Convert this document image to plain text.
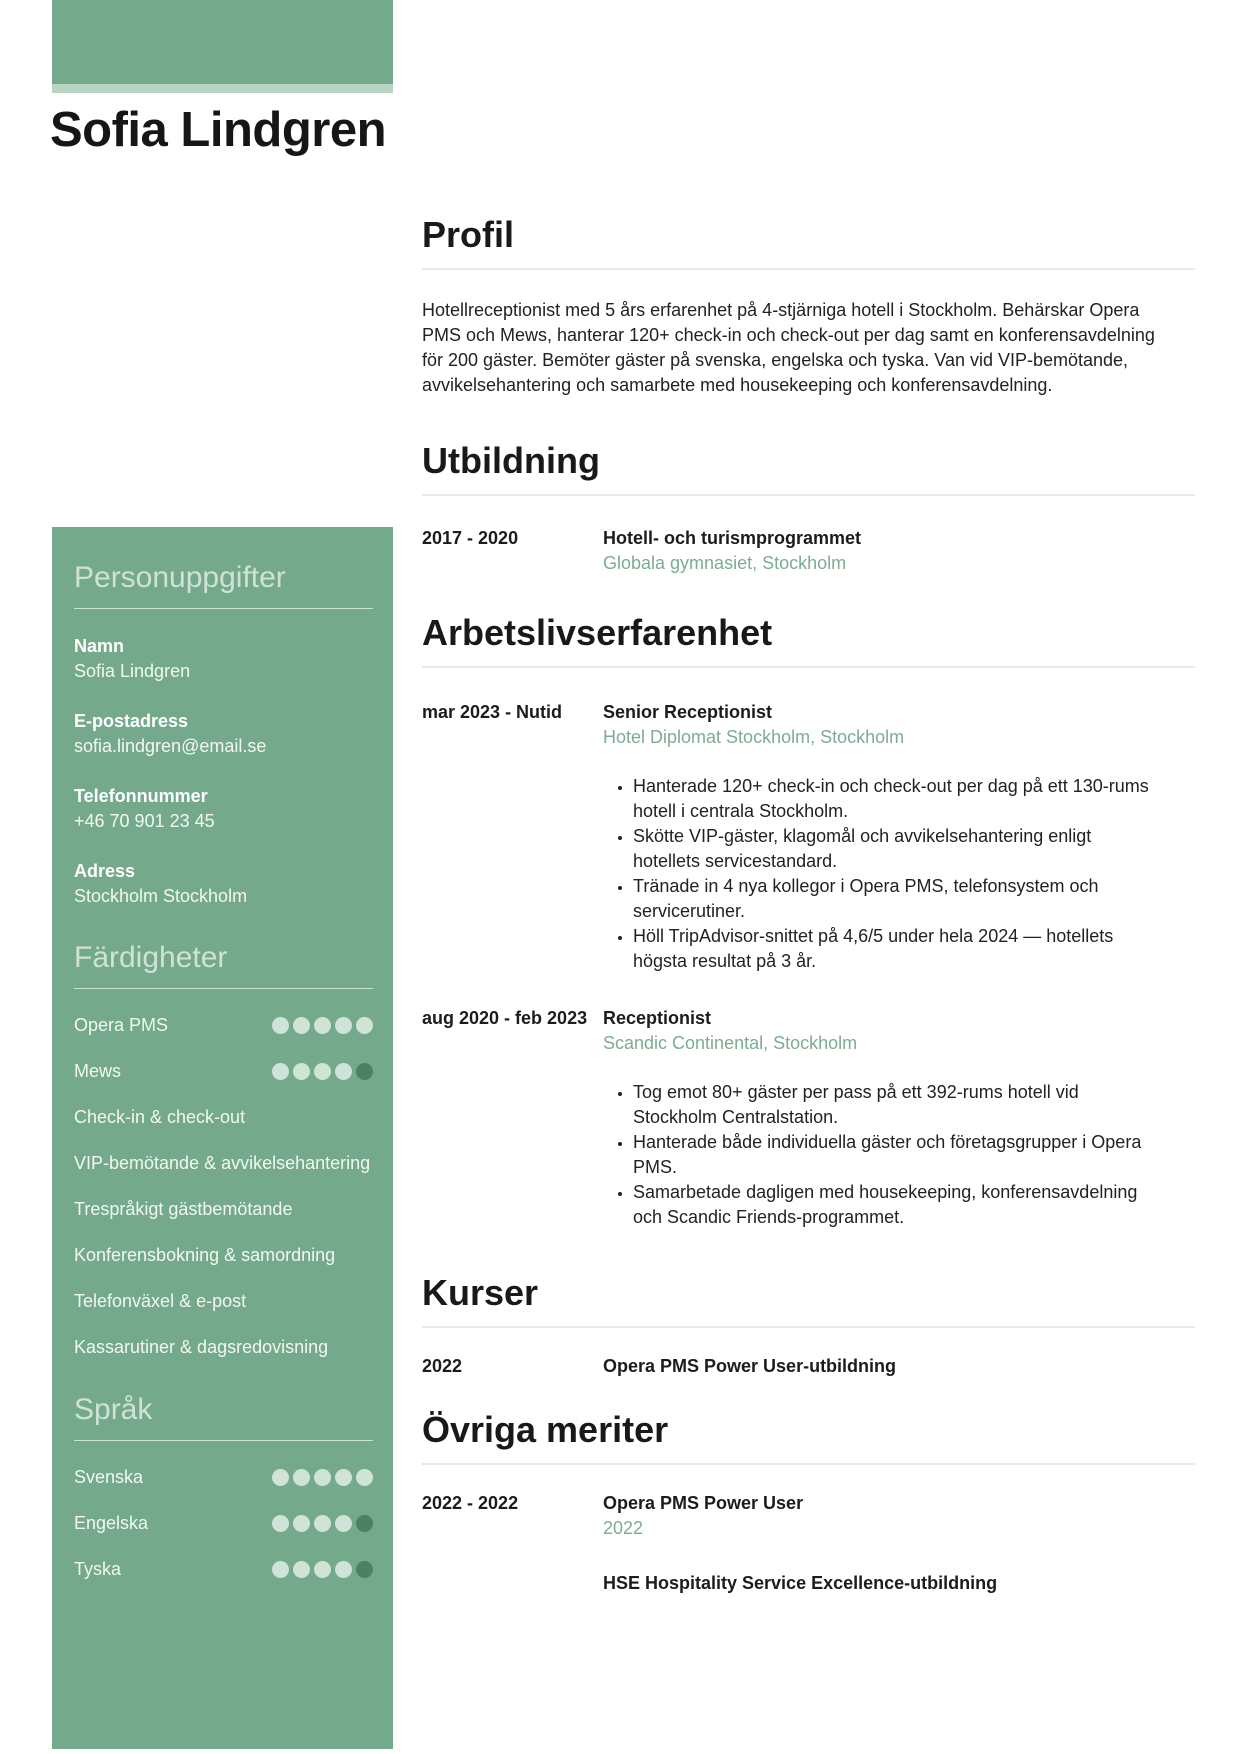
Sofia Lindgren
Personuppgifter
Namn
Sofia Lindgren
E-postadress
sofia.lindgren@email.se
Telefonnummer
+46 70 901 23 45
Adress
Stockholm Stockholm
Färdigheter
Opera PMS
Mews
Check-in & check-out
VIP-bemötande & avvikelsehantering
Trespråkigt gästbemötande
Konferensbokning & samordning
Telefonväxel & e-post
Kassarutiner & dagsredovisning
Språk
Svenska
Engelska
Tyska
Profil

Hotellreceptionist med 5 års erfarenhet på 4-stjärniga hotell i Stockholm. Behärskar Opera PMS och Mews, hanterar 120+ check-in och check-out per dag samt en konferensavdelning för 200 gäster. Bemöter gäster på svenska, engelska och tyska. Van vid VIP-bemötande, avvikelsehantering och samarbete med housekeeping och konferensavdelning.

Utbildning
2017 - 2020	Hotell- och turismprogrammet
Globala gymnasiet, Stockholm
Arbetslivserfarenhet
mar 2023 - Nutid	Senior Receptionist
Hotel Diplomat Stockholm, Stockholm
• Hanterade 120+ check-in och check-out per dag på ett 130-rums hotell i centrala Stockholm.
• Skötte VIP-gäster, klagomål och avvikelsehantering enligt hotellets servicestandard.
• Tränade in 4 nya kollegor i Opera PMS, telefonsystem och servicerutiner.
• Höll TripAdvisor-snittet på 4,6/5 under hela 2024 — hotellets högsta resultat på 3 år.
aug 2020 - feb 2023 Receptionist
Scandic Continental, Stockholm
• Tog emot 80+ gäster per pass på ett 392-rums hotell vid Stockholm Centralstation.
• Hanterade både individuella gäster och företagsgrupper i Opera PMS.
• Samarbetade dagligen med housekeeping, konferensavdelning och Scandic Friends-programmet.
Kurser
2022	Opera PMS Power User-utbildning
Övriga meriter
2022 - 2022	Opera PMS Power User
2022
HSE Hospitality Service Excellence-utbildning
